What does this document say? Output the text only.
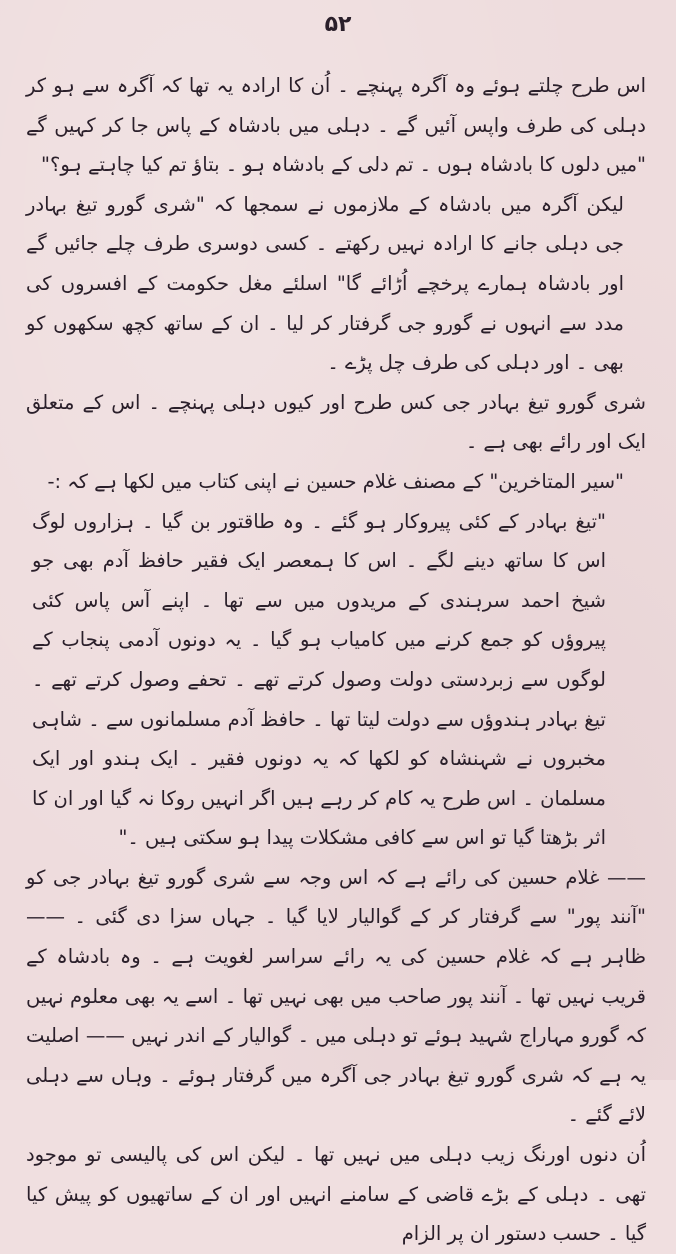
۵۲

اس طرح چلتے ہوئے وہ آگرہ پہنچے ۔ اُن کا ارادہ یہ تھا کہ آگرہ سے ہو کر دہلی کی طرف واپس آئیں گے ۔ دہلی میں بادشاہ کے پاس جا کر کہیں گے "میں دلوں کا بادشاہ ہوں ۔ تم دلی کے بادشاہ ہو ۔ بتاؤ تم کیا چاہتے ہو؟"

لیکن آگرہ میں بادشاہ کے ملازموں نے سمجھا کہ "شری گورو تیغ بہادر جی دہلی جانے کا ارادہ نہیں رکھتے ۔ کسی دوسری طرف چلے جائیں گے اور بادشاہ ہمارے پرخچے اُڑائے گا" اسلئے مغل حکومت کے افسروں کی مدد سے انہوں نے گورو جی گرفتار کر لیا ۔ ان کے ساتھ کچھ سکھوں کو بھی ۔ اور دہلی کی طرف چل پڑے ۔

شری گورو تیغ بہادر جی کس طرح اور کیوں دہلی پہنچے ۔ اس کے متعلق ایک اور رائے بھی ہے ۔

"سیر المتاخرین" کے مصنف غلام حسین نے اپنی کتاب میں لکھا ہے کہ :-

"تیغ بہادر کے کئی پیروکار ہو گئے ۔ وہ طاقتور بن گیا ۔ ہزاروں لوگ اس کا ساتھ دینے لگے ۔ اس کا ہمعصر ایک فقیر حافظ آدم بھی جو شیخ احمد سرہندی کے مریدوں میں سے تھا ۔ اپنے آس پاس کئی پیروؤں کو جمع کرنے میں کامیاب ہو گیا ۔ یہ دونوں آدمی پنجاب کے لوگوں سے زبردستی دولت وصول کرتے تھے ۔ تحفے وصول کرتے تھے ۔ تیغ بہادر ہندوؤں سے دولت لیتا تھا ۔ حافظ آدم مسلمانوں سے ۔ شاہی مخبروں نے شہنشاہ کو لکھا کہ یہ دونوں فقیر ۔ ایک ہندو اور ایک مسلمان ۔ اس طرح یہ کام کر رہے ہیں اگر انہیں روکا نہ گیا اور ان کا اثر بڑھتا گیا تو اس سے کافی مشکلات پیدا ہو سکتی ہیں ۔"

—— غلام حسین کی رائے ہے کہ اس وجہ سے شری گورو تیغ بہادر جی کو "آنند پور" سے گرفتار کر کے گوالیار لایا گیا ۔ جہاں سزا دی گئی ۔ —— ظاہر ہے کہ غلام حسین کی یہ رائے سراسر لغویت ہے ۔ وہ بادشاہ کے قریب نہیں تھا ۔ آنند پور صاحب میں بھی نہیں تھا ۔ اسے یہ بھی معلوم نہیں کہ گورو مہاراج شہید ہوئے تو دہلی میں ۔ گوالیار کے اندر نہیں —— اصلیت یہ ہے کہ شری گورو تیغ بہادر جی آگرہ میں گرفتار ہوئے ۔ وہاں سے دہلی لائے گئے ۔

اُن دنوں اورنگ زیب دہلی میں نہیں تھا ۔ لیکن اس کی پالیسی تو موجود تھی ۔ دہلی کے بڑے قاضی کے سامنے انہیں اور ان کے ساتھیوں کو پیش کیا گیا ۔ حسب دستور ان پر الزام
